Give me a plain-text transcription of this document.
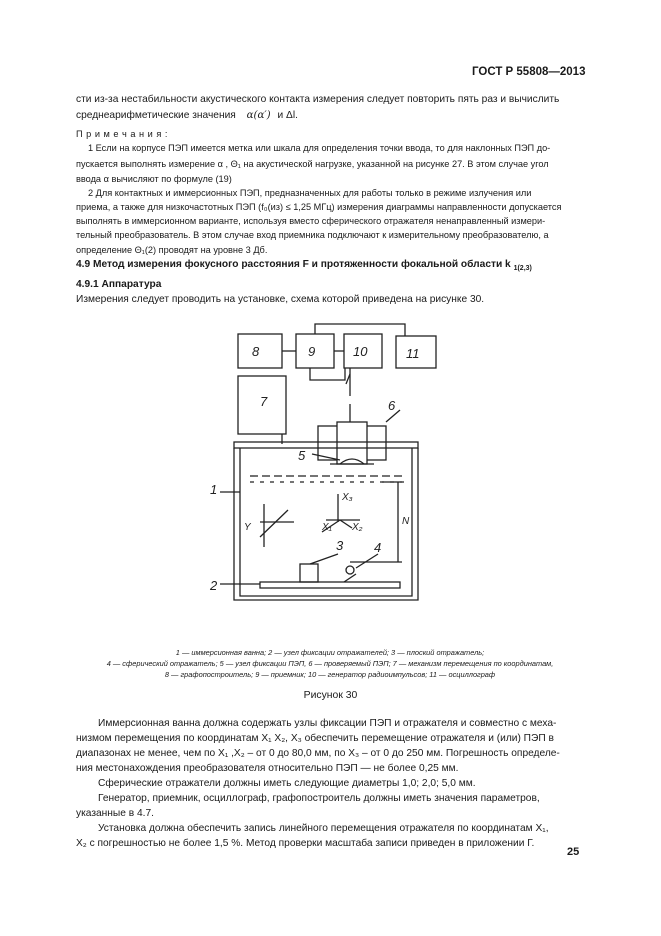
ГОСТ Р 55808—2013
сти из-за нестабильности акустического контакта измерения следует повторить пять раз и вычислить
среднеарифметические значения α(α′) и Δl.
П р и м е ч а н и я :
1 Если на корпусе ПЭП имеется метка или шкала для определения точки ввода, то для наклонных ПЭП до-
пускается выполнять измерение α , Θ₁ на акустической нагрузке, указанной на рисунке 27. В этом случае угол
ввода α вычисляют по формуле (19)
2 Для контактных и иммерсионных ПЭП, предназначенных для работы только в режиме излучения или
приема, а также для низкочастотных ПЭП (f₀(из) ≤ 1,25 МГц) измерения диаграммы направленности допускается
выполнять в иммерсионном варианте, используя вместо сферического отражателя ненаправленный измери-
тельный преобразователь. В этом случае вход приемника подключают к измерительному преобразователю, а
определение Θ₁(2) проводят на уровне 3 Дб.
4.9 Метод измерения фокусного расстояния F и протяженности фокальной области k $_{1(2,3)}$
4.9.1 Аппаратура
Измерения следует проводить на установке, схема которой приведена на рисунке 30.
8	9	10	11
7	6
5
1
2
3 4
X₃
X₁ X₂
Y
N
1 — иммерсионная ванна; 2 — узел фиксации отражателей; 3 — плоский отражатель;
4 — сферический отражатель; 5 — узел фиксации ПЭП, 6 — проверяемый ПЭП; 7 — механизм перемещения по координатам,
8 — графопостроитель; 9 — приемник; 10 — генератор радиоимпульсов; 11 — осциллограф
Рисунок 30
Иммерсионная ванна должна содержать узлы фиксации ПЭП и отражателя и совместно с меха-
низмом перемещения по координатам X₁ X₂, X₃ обеспечить перемещение отражателя и (или) ПЭП в
диапазонах не менее, чем по X₁ ,X₂ – от 0 до 80,0 мм, по X₃ – от 0 до 250 мм. Погрешность определе-
ния местонахождения преобразователя относительно ПЭП — не более 0,25 мм.
Сферические отражатели должны иметь следующие диаметры 1,0; 2,0; 5,0 мм.
Генератор, приемник, осциллограф, графопостроитель должны иметь значения параметров,
указанные в 4.7.
Установка должна обеспечить запись линейного перемещения отражателя по координатам X₁,
X₂ с погрешностью не более 1,5 %. Метод проверки масштаба записи приведен в приложении Г.
25
